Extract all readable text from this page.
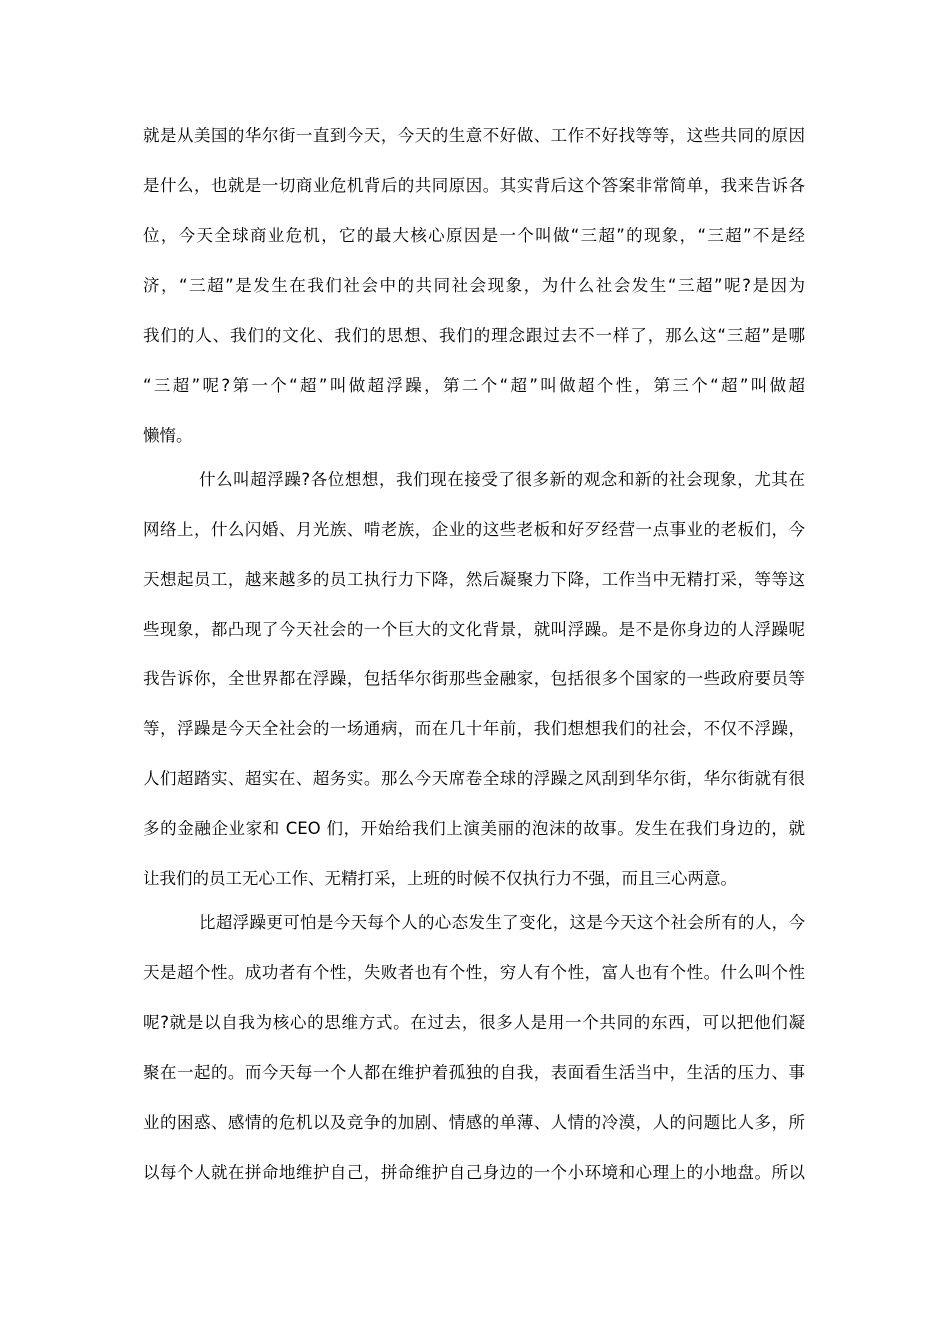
就是从美国的华尔街一直到今天，今天的生意不好做、工作不好找等等，这些共同的原因
是什么，也就是一切商业危机背后的共同原因。其实背后这个答案非常简单，我来告诉各
位，今天全球商业危机，它的最大核心原因是一个叫做“三超”的现象，“三超”不是经
济，“三超”是发生在我们社会中的共同社会现象，为什么社会发生“三超”呢?是因为
我们的人、我们的文化、我们的思想、我们的理念跟过去不一样了，那么这“三超”是哪
“三超”呢?第一个“超”叫做超浮躁，第二个“超”叫做超个性，第三个“超”叫做超
懒惰。
什么叫超浮躁?各位想想，我们现在接受了很多新的观念和新的社会现象，尤其在
网络上，什么闪婚、月光族、啃老族，企业的这些老板和好歹经营一点事业的老板们，今
天想起员工，越来越多的员工执行力下降，然后凝聚力下降，工作当中无精打采，等等这
些现象，都凸现了今天社会的一个巨大的文化背景，就叫浮躁。是不是你身边的人浮躁呢
我告诉你，全世界都在浮躁，包括华尔街那些金融家，包括很多个国家的一些政府要员等
等，浮躁是今天全社会的一场通病，而在几十年前，我们想想我们的社会，不仅不浮躁，
人们超踏实、超实在、超务实。那么今天席卷全球的浮躁之风刮到华尔街，华尔街就有很
多的金融企业家和 CEO 们，开始给我们上演美丽的泡沫的故事。发生在我们身边的，就
让我们的员工无心工作、无精打采，上班的时候不仅执行力不强，而且三心两意。
比超浮躁更可怕是今天每个人的心态发生了变化，这是今天这个社会所有的人，今
天是超个性。成功者有个性，失败者也有个性，穷人有个性，富人也有个性。什么叫个性
呢?就是以自我为核心的思维方式。在过去，很多人是用一个共同的东西，可以把他们凝
聚在一起的。而今天每一个人都在维护着孤独的自我，表面看生活当中，生活的压力、事
业的困惑、感情的危机以及竞争的加剧、情感的单薄、人情的冷漠，人的问题比人多，所
以每个人就在拼命地维护自己，拼命维护自己身边的一个小环境和心理上的小地盘。所以
